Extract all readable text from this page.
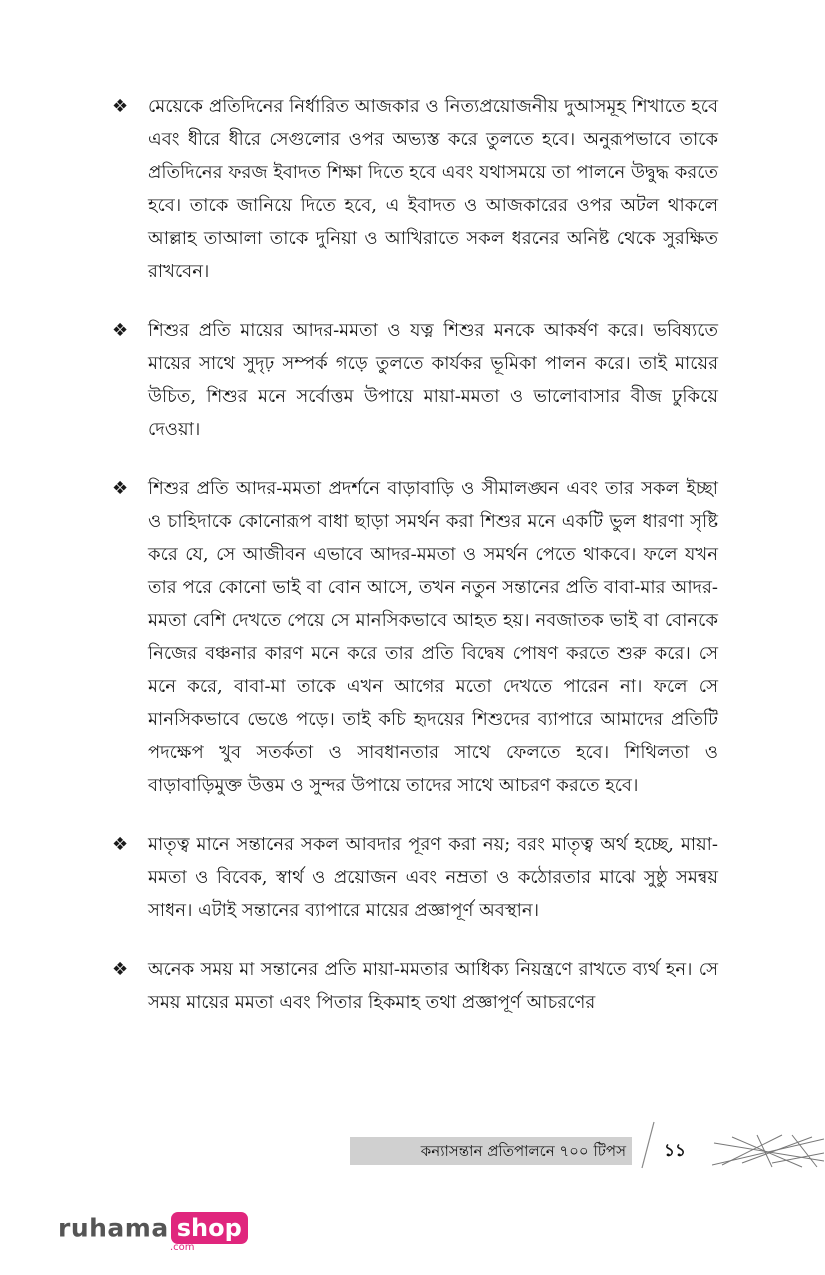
❖	মেয়েকে প্রতিদিনের নির্ধারিত আজকার ও নিত্যপ্রয়োজনীয় দুআসমূহ শিখাতে হবে এবং ধীরে ধীরে সেগুলোর ওপর অভ্যস্ত করে তুলতে হবে। অনুরূপভাবে তাকে প্রতিদিনের ফরজ ইবাদত শিক্ষা দিতে হবে এবং যথাসময়ে তা পালনে উদ্বুদ্ধ করতে হবে। তাকে জানিয়ে দিতে হবে, এ ইবাদত ও আজকারের ওপর অটল থাকলে আল্লাহ তাআলা তাকে দুনিয়া ও আখিরাতে সকল ধরনের অনিষ্ট থেকে সুরক্ষিত রাখবেন।
❖	শিশুর প্রতি মায়ের আদর-মমতা ও যত্ন শিশুর মনকে আকর্ষণ করে। ভবিষ্যতে মায়ের সাথে সুদৃঢ় সম্পর্ক গড়ে তুলতে কার্যকর ভূমিকা পালন করে। তাই মায়ের উচিত, শিশুর মনে সর্বোত্তম উপায়ে মায়া-মমতা ও ভালোবাসার বীজ ঢুকিয়ে দেওয়া।
❖	শিশুর প্রতি আদর-মমতা প্রদর্শনে বাড়াবাড়ি ও সীমালঙ্ঘন এবং তার সকল ইচ্ছা ও চাহিদাকে কোনোরূপ বাধা ছাড়া সমর্থন করা শিশুর মনে একটি ভুল ধারণা সৃষ্টি করে যে, সে আজীবন এভাবে আদর-মমতা ও সমর্থন পেতে থাকবে। ফলে যখন তার পরে কোনো ভাই বা বোন আসে, তখন নতুন সন্তানের প্রতি বাবা-মার আদর-মমতা বেশি দেখতে পেয়ে সে মানসিকভাবে আহত হয়। নবজাতক ভাই বা বোনকে নিজের বঞ্চনার কারণ মনে করে তার প্রতি বিদ্বেষ পোষণ করতে শুরু করে। সে মনে করে, বাবা-মা তাকে এখন আগের মতো দেখতে পারেন না। ফলে সে মানসিকভাবে ভেঙে পড়ে। তাই কচি হৃদয়ের শিশুদের ব্যাপারে আমাদের প্রতিটি পদক্ষেপ খুব সতর্কতা ও সাবধানতার সাথে ফেলতে হবে। শিথিলতা ও বাড়াবাড়িমুক্ত উত্তম ও সুন্দর উপায়ে তাদের সাথে আচরণ করতে হবে।
❖	মাতৃত্ব মানে সন্তানের সকল আবদার পূরণ করা নয়; বরং মাতৃত্ব অর্থ হচ্ছে, মায়া-মমতা ও বিবেক, স্বার্থ ও প্রয়োজন এবং নম্রতা ও কঠোরতার মাঝে সুষ্ঠু সমন্বয় সাধন। এটাই সন্তানের ব্যাপারে মায়ের প্রজ্ঞাপূর্ণ অবস্থান।
❖	অনেক সময় মা সন্তানের প্রতি মায়া-মমতার আধিক্য নিয়ন্ত্রণে রাখতে ব্যর্থ হন। সে সময় মায়ের মমতা এবং পিতার হিকমাহ তথা প্রজ্ঞাপূর্ণ আচরণের
কন্যাসন্তান প্রতিপালনে ৭০০ টিপস ১১
ruhama shop
.com
